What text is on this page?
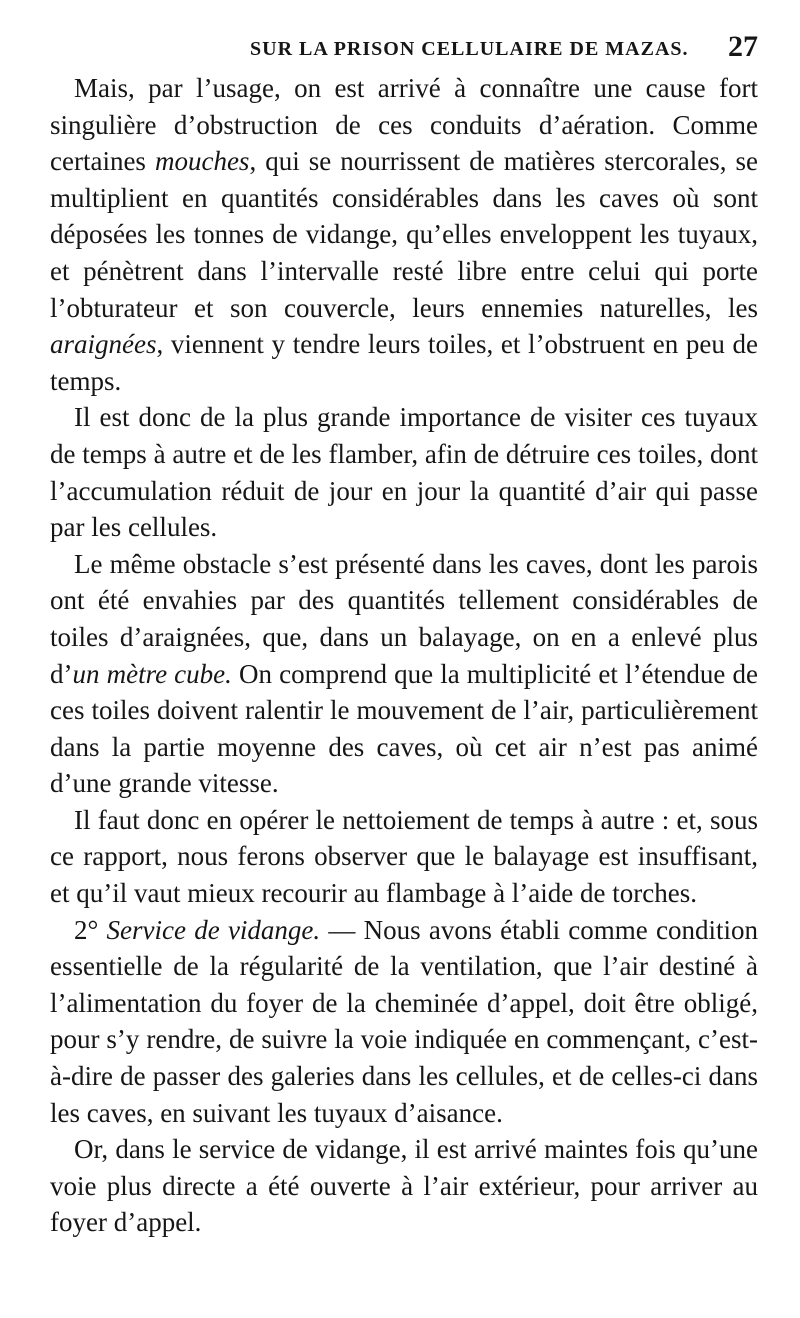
SUR LA PRISON CELLULAIRE DE MAZAS. 27

Mais, par l’usage, on est arrivé à connaître une cause fort singulière d’obstruction de ces conduits d’aération. Comme certaines mouches, qui se nourrissent de matières stercorales, se multiplient en quantités considérables dans les caves où sont déposées les tonnes de vidange, qu’elles enveloppent les tuyaux, et pénètrent dans l’intervalle resté libre entre celui qui porte l’obturateur et son couvercle, leurs ennemies naturelles, les araignées, viennent y tendre leurs toiles, et l’obstruent en peu de temps.

Il est donc de la plus grande importance de visiter ces tuyaux de temps à autre et de les flamber, afin de détruire ces toiles, dont l’accumulation réduit de jour en jour la quantité d’air qui passe par les cellules.

Le même obstacle s’est présenté dans les caves, dont les parois ont été envahies par des quantités tellement considérables de toiles d’araignées, que, dans un balayage, on en a enlevé plus d’un mètre cube. On comprend que la multiplicité et l’étendue de ces toiles doivent ralentir le mouvement de l’air, particulièrement dans la partie moyenne des caves, où cet air n’est pas animé d’une grande vitesse.

Il faut donc en opérer le nettoiement de temps à autre : et, sous ce rapport, nous ferons observer que le balayage est insuffisant, et qu’il vaut mieux recourir au flambage à l’aide de torches.

2° Service de vidange. — Nous avons établi comme condition essentielle de la régularité de la ventilation, que l’air destiné à l’alimentation du foyer de la cheminée d’appel, doit être obligé, pour s’y rendre, de suivre la voie indiquée en commençant, c’est-à-dire de passer des galeries dans les cellules, et de celles-ci dans les caves, en suivant les tuyaux d’aisance.

Or, dans le service de vidange, il est arrivé maintes fois qu’une voie plus directe a été ouverte à l’air extérieur, pour arriver au foyer d’appel.
